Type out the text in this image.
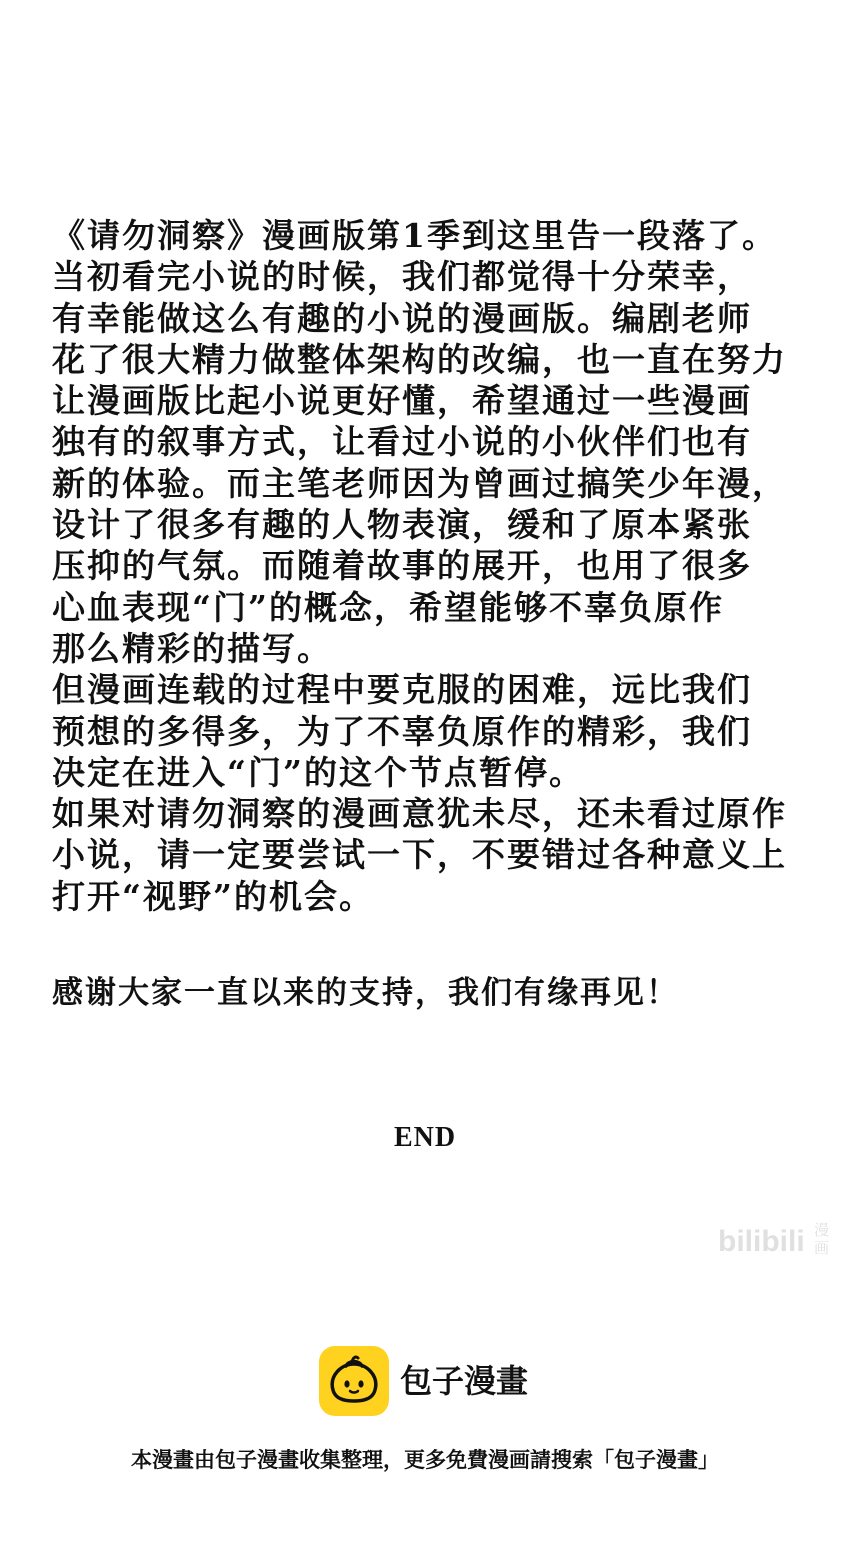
《请勿洞察》漫画版第1季到这里告一段落了。
当初看完小说的时候，我们都觉得十分荣幸，
有幸能做这么有趣的小说的漫画版。编剧老师
花了很大精力做整体架构的改编，也一直在努力
让漫画版比起小说更好懂，希望通过一些漫画
独有的叙事方式，让看过小说的小伙伴们也有
新的体验。而主笔老师因为曾画过搞笑少年漫，
设计了很多有趣的人物表演，缓和了原本紧张
压抑的气氛。而随着故事的展开，也用了很多
心血表现“门”的概念，希望能够不辜负原作
那么精彩的描写。
但漫画连载的过程中要克服的困难，远比我们
预想的多得多，为了不辜负原作的精彩，我们
决定在进入“门”的这个节点暂停。
如果对请勿洞察的漫画意犹未尽，还未看过原作
小说，请一定要尝试一下，不要错过各种意义上
打开“视野”的机会。
感谢大家一直以来的支持，我们有缘再见！
END
bilibili 漫
画
包子漫畫
本漫畫由包子漫畫收集整理，更多免費漫画請搜索「包子漫畫」
